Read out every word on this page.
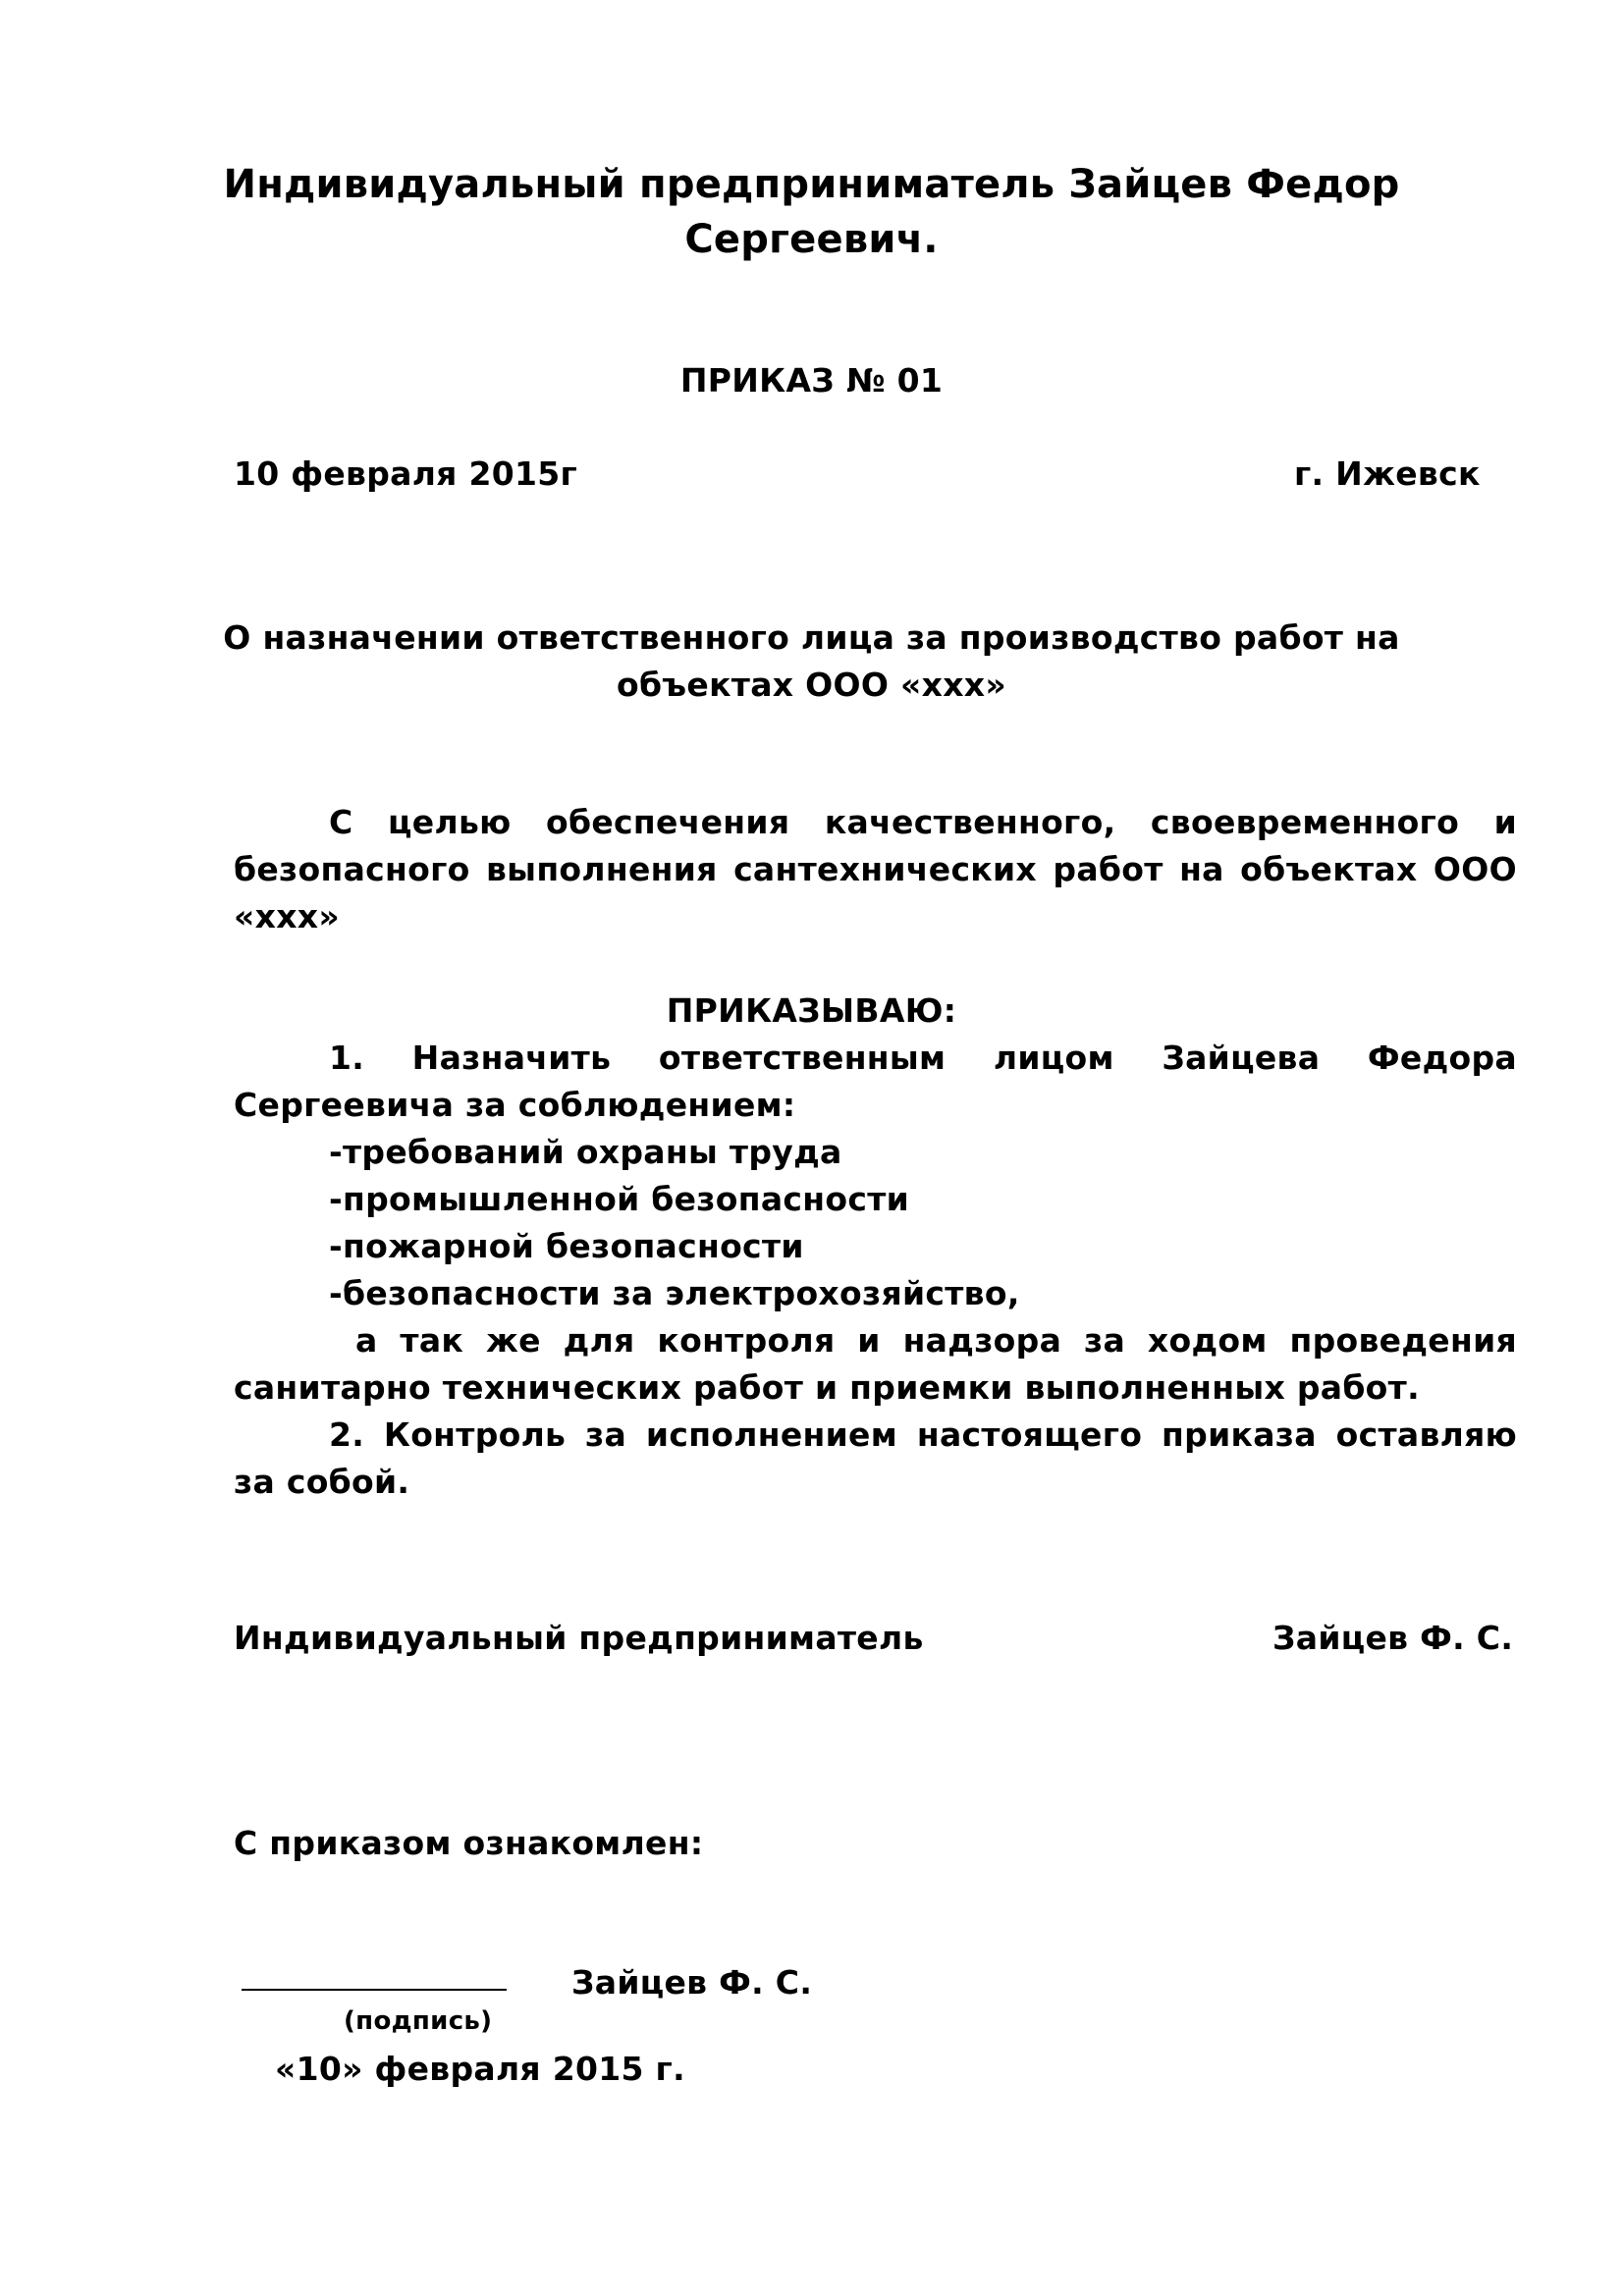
Индивидуальный предприниматель Зайцев Федор
Сергеевич.
ПРИКАЗ № 01
10 февраля 2015г	г. Ижевск
О назначении ответственного лица за производство работ на
объектах ООО «ххх»
С целью обеспечения качественного, своевременного и
безопасного выполнения сантехнических работ на объектах ООО
«ххх»
ПРИКАЗЫВАЮ:
1. Назначить ответственным лицом Зайцева Федора
Сергеевича за соблюдением:
-требований охраны труда
-промышленной безопасности
-пожарной безопасности
-безопасности за электрохозяйство,
а так же для контроля и надзора за ходом проведения
санитарно технических работ и приемки выполненных работ.
2. Контроль за исполнением настоящего приказа оставляю
за собой.
Индивидуальный предприниматель	Зайцев Ф. С.
С приказом ознакомлен:
Зайцев Ф. С.
(подпись)
«10» февраля 2015 г.
